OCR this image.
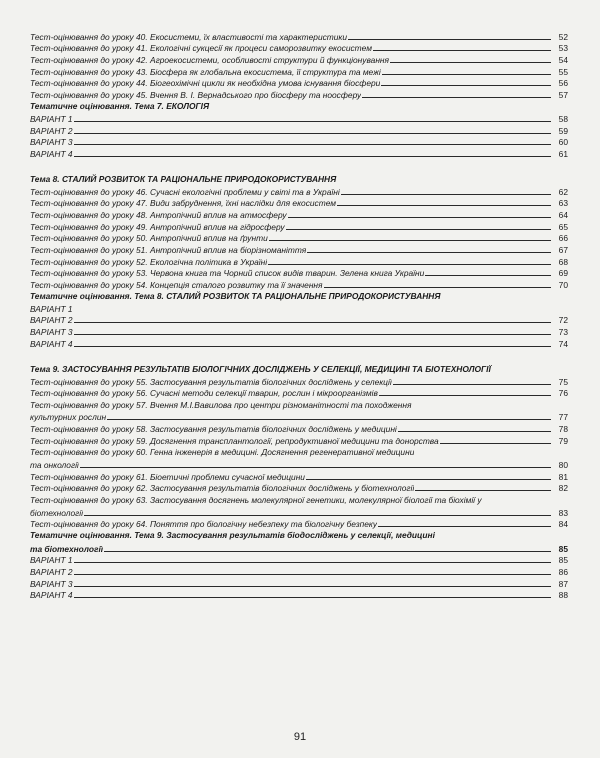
Тест-оцінювання до уроку 40. Екосистеми, їх властивості та характеристики	52
Тест-оцінювання до уроку 41. Екологічні сукцесії як процеси саморозвитку екосистем	53
Тест-оцінювання до уроку 42. Агроекосистеми, особливості структури й функціонування	54
Тест-оцінювання до уроку 43. Біосфера як глобальна екосистема, її структура та межі	55
Тест-оцінювання до уроку 44. Біогеохімічні цикли як необхідна умова існування біосфери	56
Тест-оцінювання до уроку 45. Вчення В. І. Вернадського про біосферу та ноосферу	57
Тематичне оцінювання. Тема 7. ЕКОЛОГІЯ
ВАРІАНТ 1	58
ВАРІАНТ 2	59
ВАРІАНТ 3	60
ВАРІАНТ 4	61
Тема 8. СТАЛИЙ РОЗВИТОК ТА РАЦІОНАЛЬНЕ ПРИРОДОКОРИСТУВАННЯ
Тест-оцінювання до уроку 46. Сучасні екологічні проблеми у світі та в Україні	62
Тест-оцінювання до уроку 47. Види забруднення, їхні наслідки для екосистем	63
Тест-оцінювання до уроку 48. Антропічний вплив на атмосферу	64
Тест-оцінювання до уроку 49. Антропічний вплив на гідросферу	65
Тест-оцінювання до уроку 50. Антропічний вплив на ґрунти	66
Тест-оцінювання до уроку 51. Антропічний вплив на біорізноманіття	67
Тест-оцінювання до уроку 52. Екологічна політика в Україні	68
Тест-оцінювання до уроку 53. Червона книга та Чорний список видів тварин. Зелена книга України	69
Тест-оцінювання до уроку 54. Концепція сталого розвитку та її значення	70
Тематичне оцінювання. Тема 8. СТАЛИЙ РОЗВИТОК ТА РАЦІОНАЛЬНЕ ПРИРОДОКОРИСТУВАННЯ
ВАРІАНТ 1
ВАРІАНТ 2	72
ВАРІАНТ 3	73
ВАРІАНТ 4	74
Тема 9. ЗАСТОСУВАННЯ РЕЗУЛЬТАТІВ БІОЛОГІЧНИХ ДОСЛІДЖЕНЬ У СЕЛЕКЦІЇ, МЕДИЦИНІ ТА БІОТЕХНОЛОГІЇ
Тест-оцінювання до уроку 55. Застосування результатів біологічних досліджень у селекції	75
Тест-оцінювання до уроку 56. Сучасні методи селекції тварин, рослин і мікроорганізмів	76
Тест-оцінювання до уроку 57. Вчення М.І.Вавилова про центри різноманітності та походження
культурних рослин	77
Тест-оцінювання до уроку 58. Застосування результатів біологічних досліджень у медицині	78
Тест-оцінювання до уроку 59. Досягнення трансплантології, репродуктивної медицини та донорства	79
Тест-оцінювання до уроку 60. Генна інженерія в медицині. Досягнення регенеративної медицини
та онкології	80
Тест-оцінювання до уроку 61. Біоетичні проблеми сучасної медицини	81
Тест-оцінювання до уроку 62. Застосування результатів біологічних досліджень у біотехнології	82
Тест-оцінювання до уроку 63. Застосування досягнень молекулярної генетики, молекулярної біології та біохімії у
біотехнології	83
Тест-оцінювання до уроку 64. Поняття про біологічну небезпеку та біологічну безпеку	84
Тематичне оцінювання. Тема 9. Застосування результатів біодосліджень у селекції, медицині
та біотехнології	85
ВАРІАНТ 1	85
ВАРІАНТ 2	86
ВАРІАНТ 3	87
ВАРІАНТ 4	88
91
